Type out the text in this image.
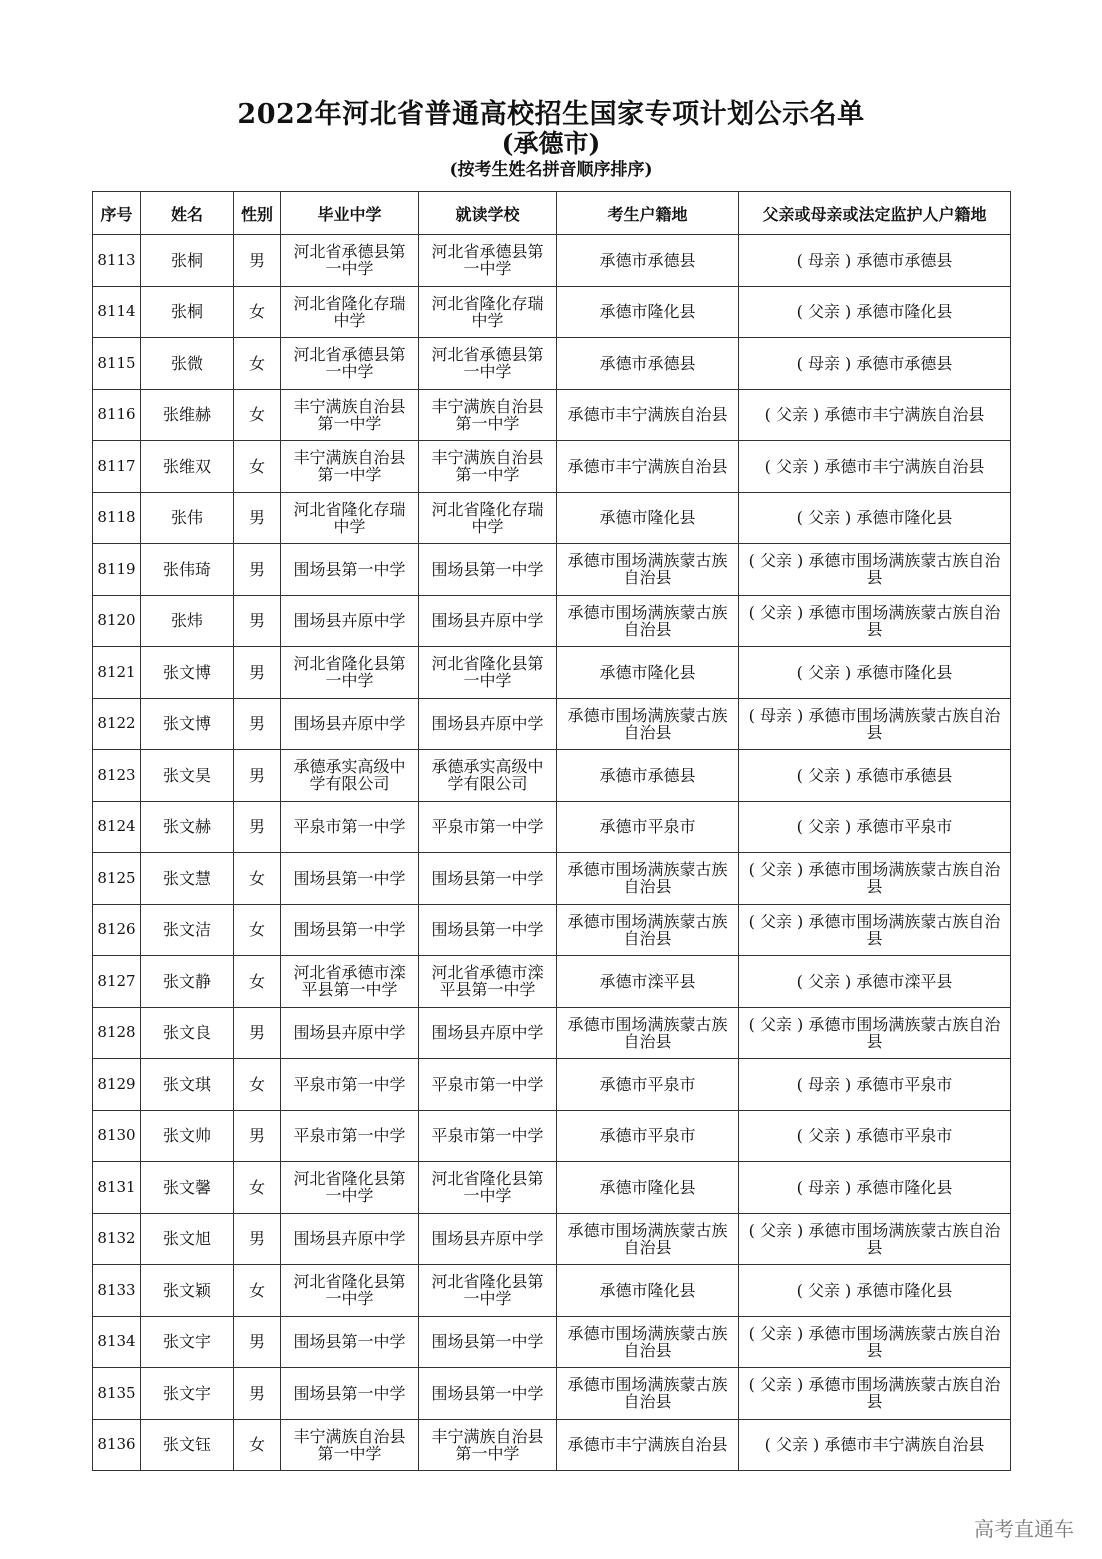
2022年河北省普通高校招生国家专项计划公示名单
(承德市)

(按考生姓名拼音顺序排序)

序号	姓名	性别	毕业中学	就读学校	考生户籍地	父亲或母亲或法定监护人户籍地
8113	张桐	男	河北省承德县第一中学	河北省承德县第一中学	承德市承德县	( 母亲 ) 承德市承德县
8114	张桐	女	河北省隆化存瑞中学	河北省隆化存瑞中学	承德市隆化县	( 父亲 ) 承德市隆化县
8115	张微	女	河北省承德县第一中学	河北省承德县第一中学	承德市承德县	( 母亲 ) 承德市承德县
8116	张维赫	女	丰宁满族自治县第一中学	丰宁满族自治县第一中学	承德市丰宁满族自治县	( 父亲 ) 承德市丰宁满族自治县
8117	张维双	女	丰宁满族自治县第一中学	丰宁满族自治县第一中学	承德市丰宁满族自治县	( 父亲 ) 承德市丰宁满族自治县
8118	张伟	男	河北省隆化存瑞中学	河北省隆化存瑞中学	承德市隆化县	( 父亲 ) 承德市隆化县
8119	张伟琦	男	围场县第一中学	围场县第一中学	承德市围场满族蒙古族自治县	( 父亲 ) 承德市围场满族蒙古族自治县
8120	张炜	男	围场县卉原中学	围场县卉原中学	承德市围场满族蒙古族自治县	( 父亲 ) 承德市围场满族蒙古族自治县
8121	张文博	男	河北省隆化县第一中学	河北省隆化县第一中学	承德市隆化县	( 父亲 ) 承德市隆化县
8122	张文博	男	围场县卉原中学	围场县卉原中学	承德市围场满族蒙古族自治县	( 母亲 ) 承德市围场满族蒙古族自治县
8123	张文昊	男	承德承实高级中学有限公司	承德承实高级中学有限公司	承德市承德县	( 父亲 ) 承德市承德县
8124	张文赫	男	平泉市第一中学	平泉市第一中学	承德市平泉市	( 父亲 ) 承德市平泉市
8125	张文慧	女	围场县第一中学	围场县第一中学	承德市围场满族蒙古族自治县	( 父亲 ) 承德市围场满族蒙古族自治县
8126	张文洁	女	围场县第一中学	围场县第一中学	承德市围场满族蒙古族自治县	( 父亲 ) 承德市围场满族蒙古族自治县
8127	张文静	女	河北省承德市滦平县第一中学	河北省承德市滦平县第一中学	承德市滦平县	( 父亲 ) 承德市滦平县
8128	张文良	男	围场县卉原中学	围场县卉原中学	承德市围场满族蒙古族自治县	( 父亲 ) 承德市围场满族蒙古族自治县
8129	张文琪	女	平泉市第一中学	平泉市第一中学	承德市平泉市	( 母亲 ) 承德市平泉市
8130	张文帅	男	平泉市第一中学	平泉市第一中学	承德市平泉市	( 父亲 ) 承德市平泉市
8131	张文馨	女	河北省隆化县第一中学	河北省隆化县第一中学	承德市隆化县	( 母亲 ) 承德市隆化县
8132	张文旭	男	围场县卉原中学	围场县卉原中学	承德市围场满族蒙古族自治县	( 父亲 ) 承德市围场满族蒙古族自治县
8133	张文颖	女	河北省隆化县第一中学	河北省隆化县第一中学	承德市隆化县	( 父亲 ) 承德市隆化县
8134	张文宇	男	围场县第一中学	围场县第一中学	承德市围场满族蒙古族自治县	( 父亲 ) 承德市围场满族蒙古族自治县
8135	张文宇	男	围场县第一中学	围场县第一中学	承德市围场满族蒙古族自治县	( 父亲 ) 承德市围场满族蒙古族自治县
8136	张文钰	女	丰宁满族自治县第一中学	丰宁满族自治县第一中学	承德市丰宁满族自治县	( 父亲 ) 承德市丰宁满族自治县
高考直通车
